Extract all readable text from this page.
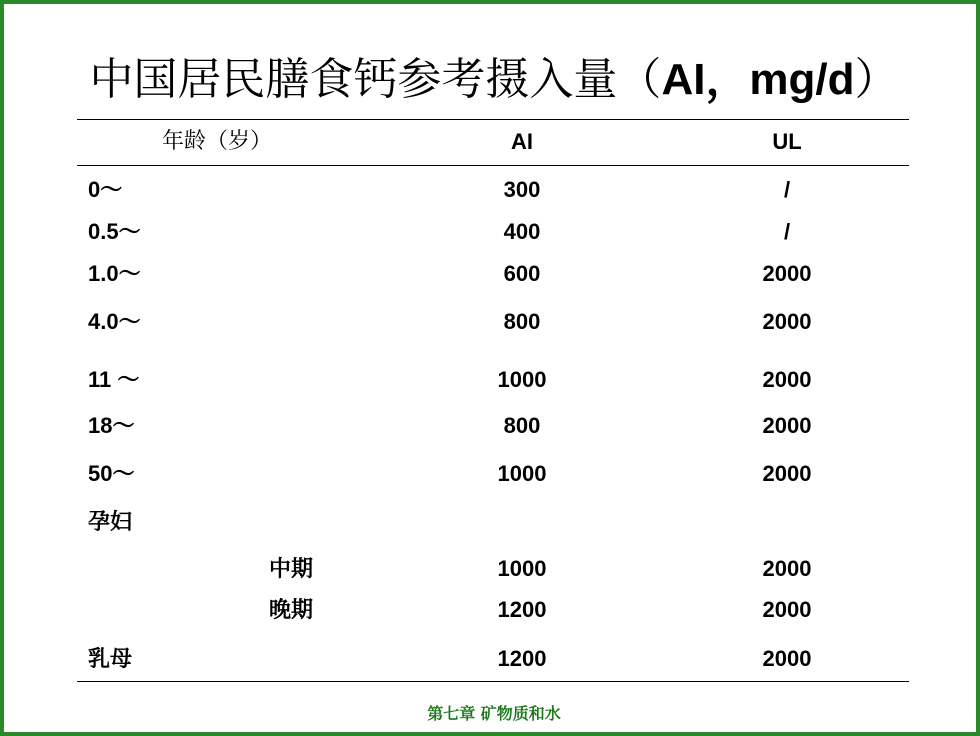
中国居民膳食钙参考摄入量（AI，mg/d）
年龄（岁）	AI	UL
0～	300	/
0.5～	400	/
1.0～	600	2000
4.0～	800	2000
11 ～	1000	2000
18～	800	2000
50～	1000	2000
孕妇
中期	1000	2000
晚期	1200	2000
乳母	1200	2000
第七章 矿物质和水
